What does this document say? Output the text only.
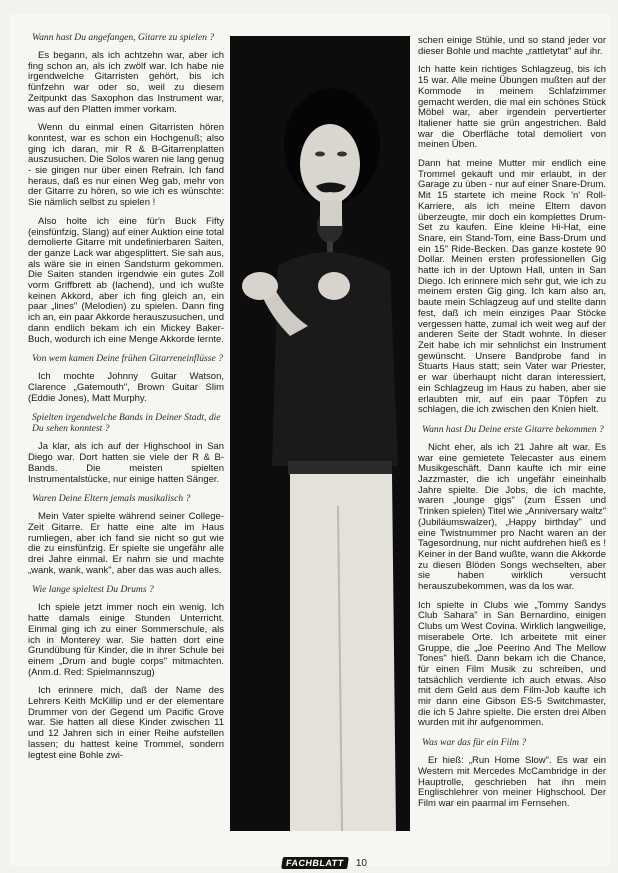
Wann hast Du angefangen, Gitarre zu spielen ?

Es begann, als ich achtzehn war, aber ich fing schon an, als ich zwölf war. Ich habe nie irgendwelche Gitarristen gehört, bis ich fünfzehn war oder so, weil zu diesem Zeitpunkt das Saxophon das Instrument war, was auf den Platten immer vorkam.

Wenn du einmal einen Gitarristen hören konntest, war es schon ein Hochgenuß; also ging ich daran, mir R & B-Gitarrenplatten auszusuchen. Die Solos waren nie lang genug - sie gingen nur über einen Refrain. Ich fand heraus, daß es nur einen Weg gab, mehr von der Gitarre zu hören, so wie ich es wünschte: Sie nämlich selbst zu spielen !

Also holte ich eine für'n Buck Fifty (einsfünfzig, Slang) auf einer Auktion eine total demolierte Gitarre mit undefinierbaren Saiten, der ganze Lack war abgesplittert. Sie sah aus, als wäre sie in einen Sandsturm gekommen. Die Saiten standen irgendwie ein gutes Zoll vorm Griffbrett ab (lachend), und ich wußte keinen Akkord, aber ich fing gleich an, ein paar „lines" (Melodien) zu spielen. Dann fing ich an, ein paar Akkorde herauszusuchen, und dann endlich bekam ich ein Mickey Baker-Buch, wodurch ich eine Menge Akkorde lernte.

Von wem kamen Deine frühen Gitarreneinflüsse ?

Ich mochte Johnny Guitar Watson, Clarence „Gatemouth", Brown Guitar Slim (Eddie Jones), Matt Murphy.

Spielten irgendwelche Bands in Deiner Stadt, die Du sehen konntest ?

Ja klar, als ich auf der Highschool in San Diego war. Dort hatten sie viele der R & B-Bands. Die meisten spielten Instrumentalstücke, nur einige hatten Sänger.

Waren Deine Eltern jemals musikalisch ?

Mein Vater spielte während seiner College-Zeit Gitarre. Er hatte eine alte im Haus rumliegen, aber ich fand sie nicht so gut wie die zu einsfünfzig. Er spielte sie ungefähr alle drei Jahre einmal. Er nahm sie und machte „wank, wank, wank", aber das was auch alles.

Wie lange spieltest Du Drums ?

Ich spiele jetzt immer noch ein wenig. Ich hatte damals einige Stunden Unterricht. Einmal ging ich zu einer Sommerschule, als ich in Monterey war. Sie hatten dort eine Grundübung für Kinder, die in ihrer Schule bei einem „Drum and bugle corps" mitmachten. (Anm.d. Red: Spielmannszug)

Ich erinnere mich, daß der Name des Lehrers Keith McKillip und er der elementare Drummer von der Gegend um Pacific Grove war. Sie hatten all diese Kinder zwischen 11 und 12 Jahren sich in einer Reihe aufstellen lassen; du hattest keine Trommel, sondern legtest eine Bohle zwi-

schen einige Stühle, und so stand jeder vor dieser Bohle und machte „rattletytat" auf ihr.

Ich hatte kein richtiges Schlagzeug, bis ich 15 war. Alle meine Übungen mußten auf der Kommode in meinem Schlafzimmer gemacht werden, die mal ein schönes Stück Möbel war, aber irgendein pervertierter Italiener hatte sie grün angestrichen. Bald war die Oberfläche total demoliert von meinen Üben.

Dann hat meine Mutter mir endlich eine Trommel gekauft und mir erlaubt, in der Garage zu üben - nur auf einer Snare-Drum. Mit 15 startete ich meine Rock 'n' Roll-Karriere, als ich meine Eltern davon überzeugte, mir doch ein komplettes Drum-Set zu kaufen. Eine kleine Hi-Hat, eine Snare, ein Stand-Tom, eine Bass-Drum und ein 15" Ride-Becken. Das ganze kostete 90 Dollar. Meinen ersten professionellen Gig hatte ich in der Uptown Hall, unten in San Diego. Ich erinnere mich sehr gut, wie ich zu meinem ersten Gig ging. Ich kam also an, baute mein Schlagzeug auf und stellte dann fest, daß ich mein einziges Paar Stöcke vergessen hatte, zumal ich weit weg auf der anderen Seite der Stadt wohnte. In dieser Zeit habe ich mir sehnlichst ein Instrument gewünscht. Unsere Bandprobe fand in Stuarts Haus statt; sein Vater war Priester, er war überhaupt nicht daran interessiert, ein Schlagzeug im Haus zu haben, aber sie erlaubten mir, auf ein paar Töpfen zu schlagen, die ich zwischen den Knien hielt.

Wann hast Du Deine erste Gitarre bekommen ?

Nicht eher, als ich 21 Jahre alt war. Es war eine gemietete Telecaster aus einem Musikgeschäft. Dann kaufte ich mir eine Jazzmaster, die ich ungefähr eineinhalb Jahre spielte. Die Jobs, die ich machte, waren „lounge gigs" (zum Essen und Trinken spielen) Titel wie „Anniversary waltz" (Jubiläumswalzer), „Happy birthday" und eine Twistnummer pro Nacht waren an der Tagesordnung, nur nicht aufdrehen hieß es ! Keiner in der Band wußte, wann die Akkorde zu diesen Blöden Songs wechselten, aber sie haben wirklich versucht herauszubekommen, was da los war.

Ich spielte in Clubs wie „Tommy Sandys Club Sahara" in San Bernardino, einigen Clubs um West Covina. Wirklich langweilige, miserabele Orte. Ich arbeitete mit einer Gruppe, die „Joe Peerino And The Mellow Tones" hieß. Dann bekam ich die Chance, für einen Film Musik zu schreiben, und tatsächlich verdiente ich auch etwas. Also mit dem Geld aus dem Film-Job kaufte ich mir dann eine Gibson ES-5 Switchmaster, die ich 5 Jahre spielte. Die ersten drei Alben wurden mit ihr aufgenommen.

Was war das für ein Film ?

Er hieß: „Run Home Slow". Es war ein Western mit Mercedes McCambridge in der Hauptrolle, geschrieben hat ihn mein Englischlehrer von meiner Highschool. Der Film war ein paarmal im Fernsehen.

FACHBLATT	10
